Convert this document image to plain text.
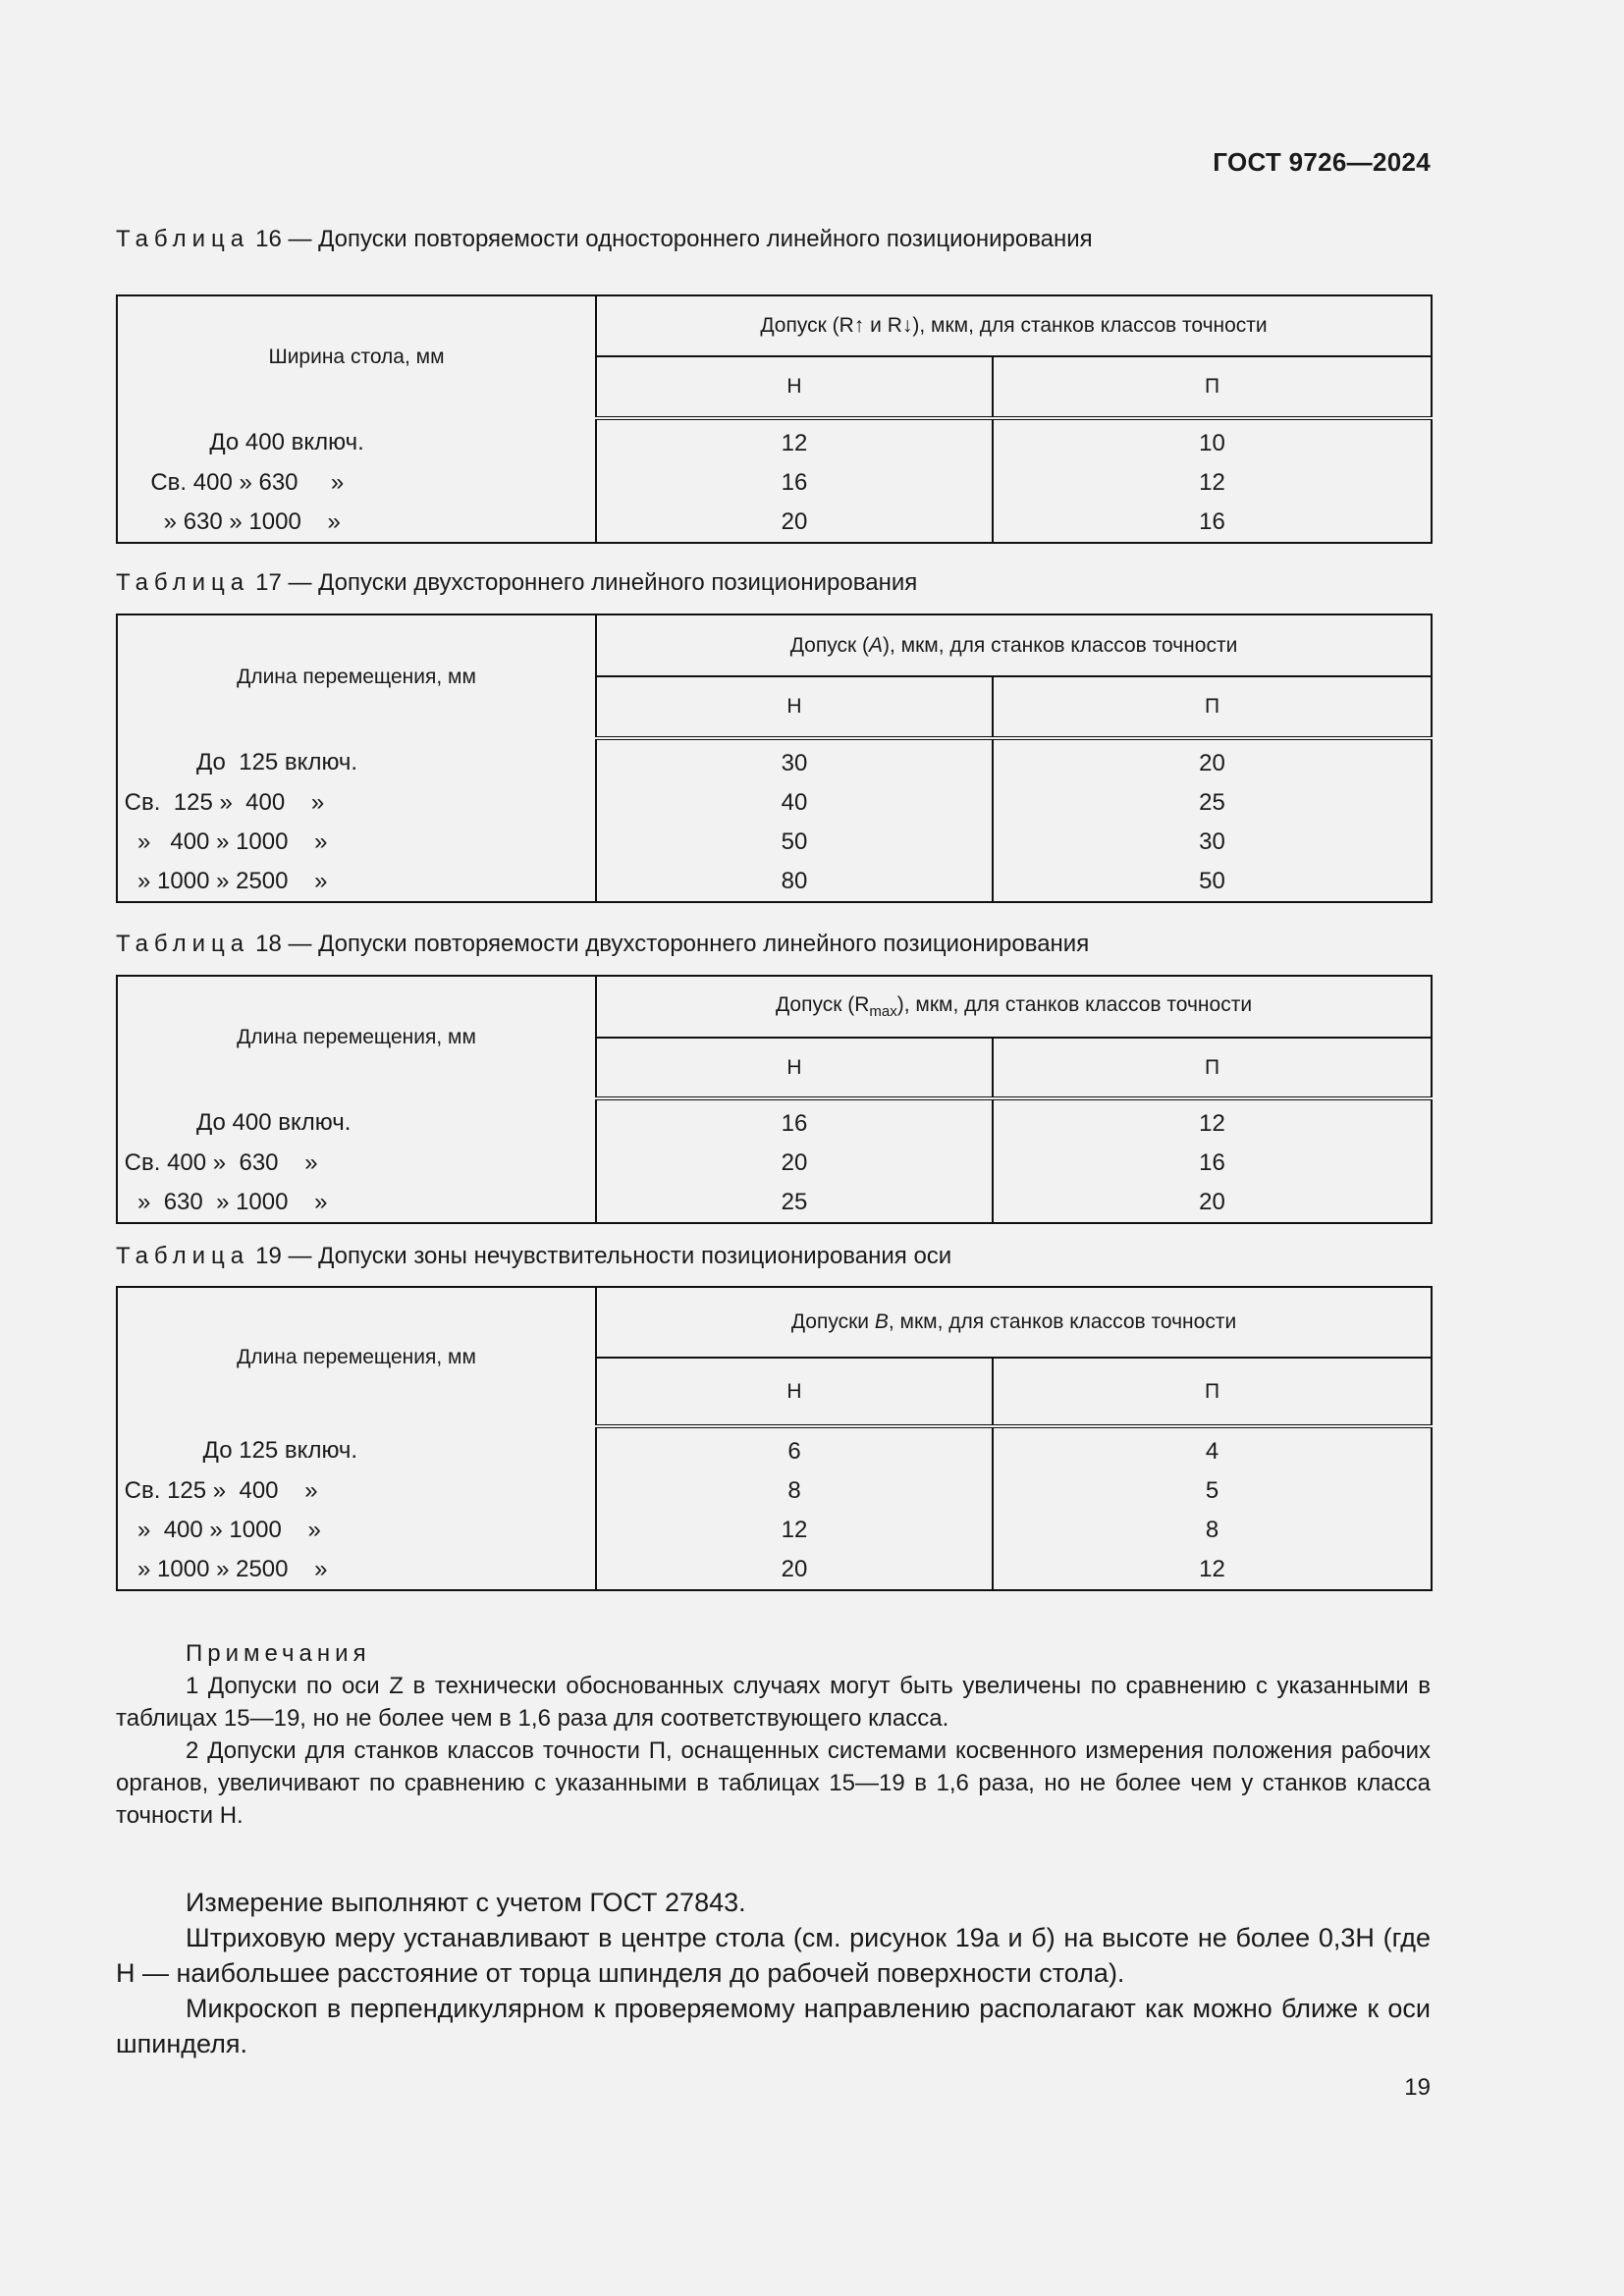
ГОСТ 9726—2024
Таблица 16 — Допуски повторяемости одностороннего линейного позиционирования
Ширина стола, мм	Допуск (R↑ и R↓), мкм, для станков классов точности	
	Н	П
До 400 включ.	12	10
Св. 400 » 630     »	16	12
» 630 » 1000    »	20	16
Таблица 17 — Допуски двухстороннего линейного позиционирования
Длина перемещения, мм	Допуск (A), мкм, для станков классов точности	
	Н	П
До  125 включ.	30	20
Св.  125 »  400    »	40	25
»   400 » 1000    »	50	30
» 1000 » 2500    »	80	50
Таблица 18 — Допуски повторяемости двухстороннего линейного позиционирования
Длина перемещения, мм	Допуск $(R_{max})$, мкм, для станков классов точности	
	Н	П
До 400 включ.	16	12
Св. 400 »  630    »	20	16
»  630  » 1000    »	25	20
Таблица 19 — Допуски зоны нечувствительности позиционирования оси
Длина перемещения, мм	Допуски B, мкм, для станков классов точности	
	Н	П
До 125 включ.	6	4
Св. 125 »  400    »	8	5
»  400 » 1000    »	12	8
» 1000 » 2500    »	20	12
Примечания

1 Допуски по оси Z в технически обоснованных случаях могут быть увеличены по сравнению с указанными в таблицах 15—19, но не более чем в 1,6 раза для соответствующего класса.

2 Допуски для станков классов точности П, оснащенных системами косвенного измерения положения рабочих органов, увеличивают по сравнению с указанными в таблицах 15—19 в 1,6 раза, но не более чем у станков класса точности Н.

Измерение выполняют с учетом ГОСТ 27843.

Штриховую меру устанавливают в центре стола (см. рисунок 19а и б) на высоте не более 0,3Н (где Н — наибольшее расстояние от торца шпинделя до рабочей поверхности стола).

Микроскоп в перпендикулярном к проверяемому направлению располагают как можно ближе к оси шпинделя.

19
